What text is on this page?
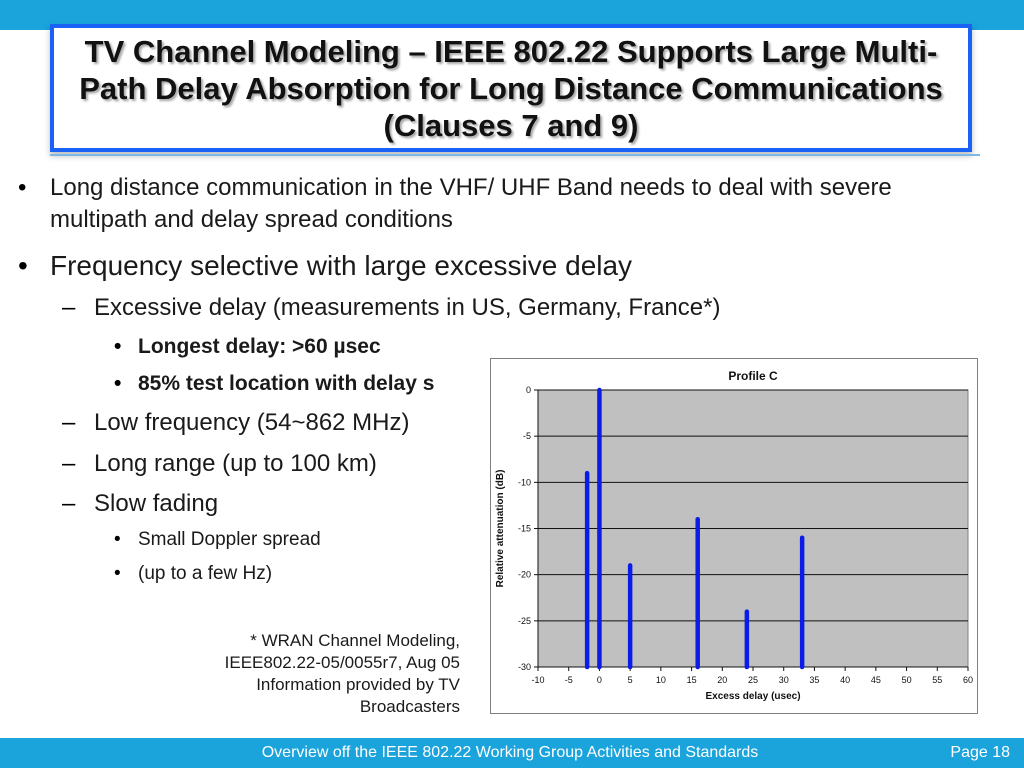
TV Channel Modeling – IEEE 802.22 Supports Large Multi-Path Delay Absorption for Long Distance Communications (Clauses 7 and 9)
• Long distance communication in the VHF/ UHF Band needs to deal with severe multipath and delay spread conditions
• Frequency selective with large excessive delay
– Excessive delay (measurements in US, Germany, France*)
• Longest delay: >60 µsec
• 85% test location with delay s
– Low frequency (54~862 MHz)
– Long range (up to 100 km)
– Slow fading
• Small Doppler spread
• (up to a few Hz)
* WRAN Channel Modeling,
IEEE802.22-05/0055r7, Aug 05
Information provided by TV
Broadcasters
0
-5
-10
-15
-20
-25
-30
-10 -5	0	5	10 15 20 25 30 35 40 45 50 55 60
Profile C
Excess delay (usec)
Relative attenuation (dB)
Overview off the IEEE 802.22 Working Group Activities and Standards	Page 18
